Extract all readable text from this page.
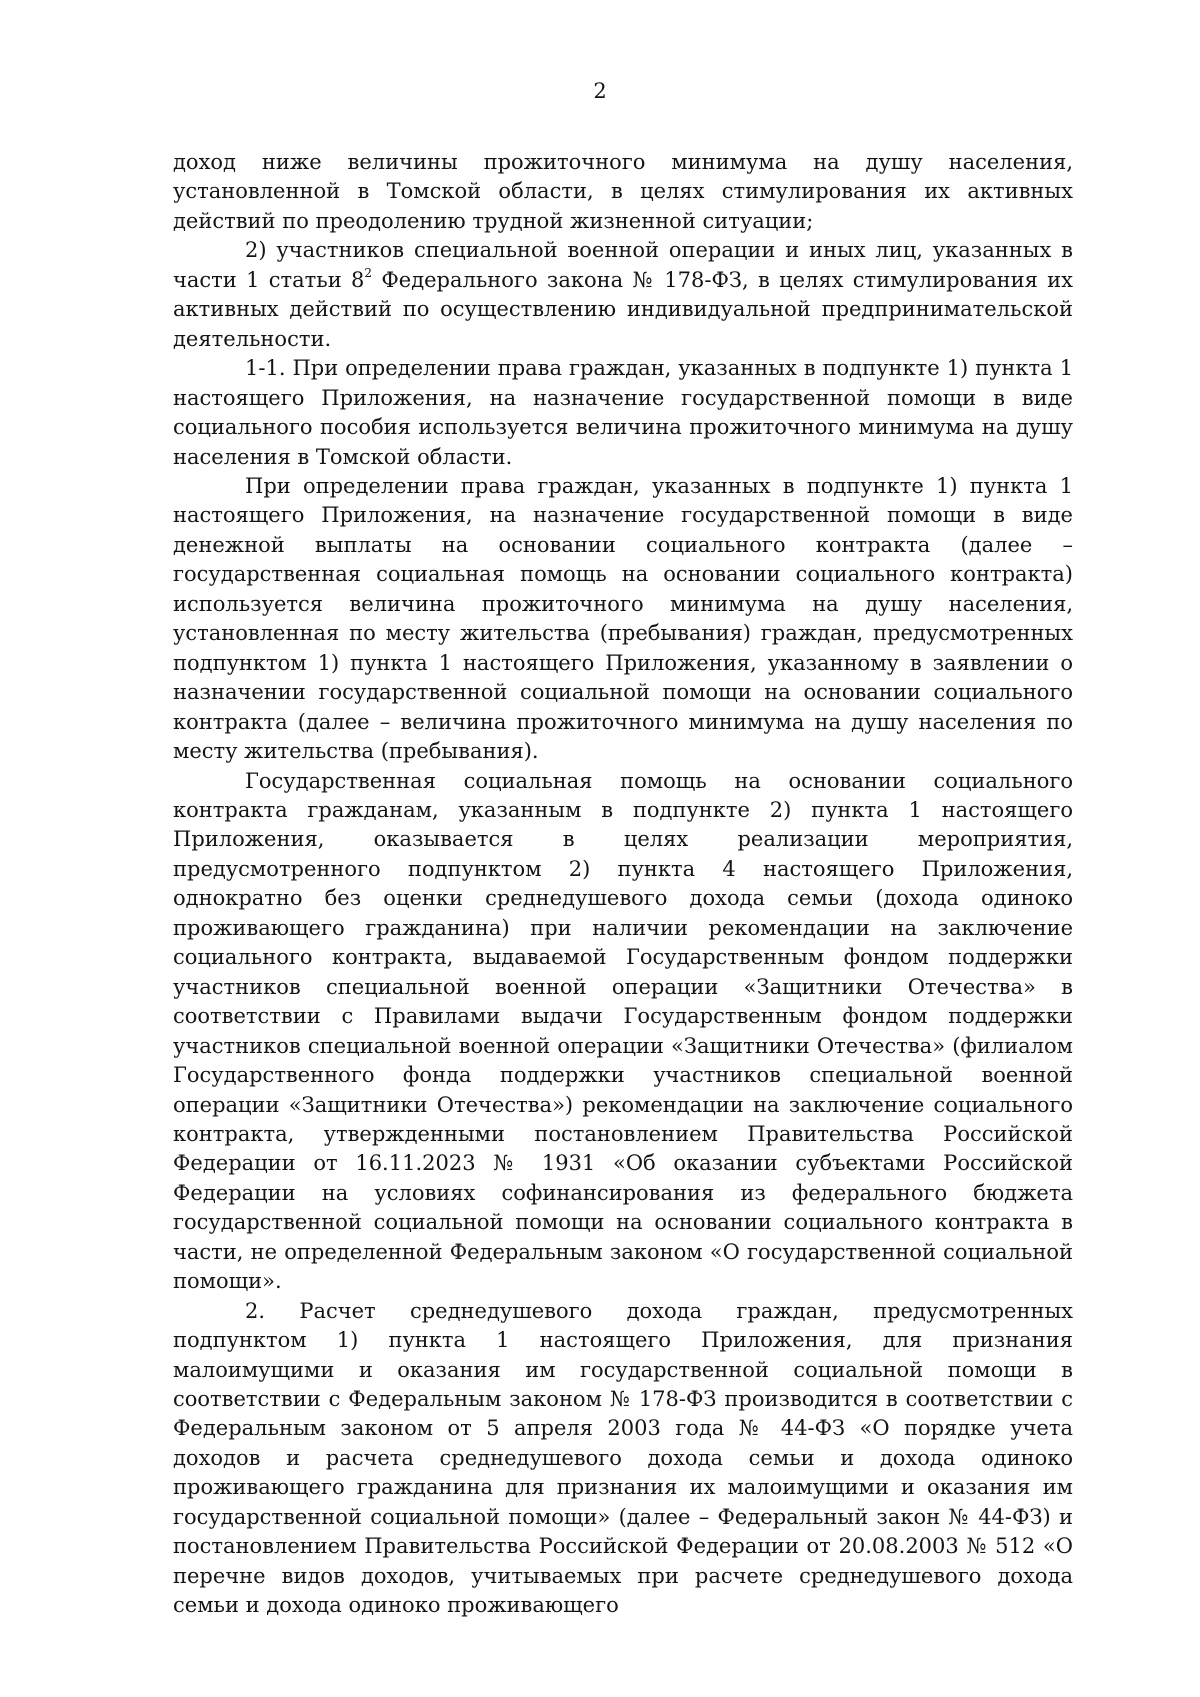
2

доход ниже величины прожиточного минимума на душу населения, установленной в Томской области, в целях стимулирования их активных действий по преодолению трудной жизненной ситуации;

2) участников специальной военной операции и иных лиц, указанных в части 1 статьи $8^2$ Федерального закона № 178-ФЗ, в целях стимулирования их активных действий по осуществлению индивидуальной предпринимательской деятельности.

1-1. При определении права граждан, указанных в подпункте 1) пункта 1 настоящего Приложения, на назначение государственной помощи в виде социального пособия используется величина прожиточного минимума на душу населения в Томской области.

При определении права граждан, указанных в подпункте 1) пункта 1 настоящего Приложения, на назначение государственной помощи в виде денежной выплаты на основании социального контракта (далее – государственная социальная помощь на основании социального контракта) используется величина прожиточного минимума на душу населения, установленная по месту жительства (пребывания) граждан, предусмотренных подпунктом 1) пункта 1 настоящего Приложения, указанному в заявлении о назначении государственной социальной помощи на основании социального контракта (далее – величина прожиточного минимума на душу населения по месту жительства (пребывания).

Государственная социальная помощь на основании социального контракта гражданам, указанным в подпункте 2) пункта 1 настоящего Приложения, оказывается в целях реализации мероприятия, предусмотренного подпунктом 2) пункта 4 настоящего Приложения, однократно без оценки среднедушевого дохода семьи (дохода одиноко проживающего гражданина) при наличии рекомендации на заключение социального контракта, выдаваемой Государственным фондом поддержки участников специальной военной операции «Защитники Отечества» в соответствии с Правилами выдачи Государственным фондом поддержки участников специальной военной операции «Защитники Отечества» (филиалом Государственного фонда поддержки участников специальной военной операции «Защитники Отечества») рекомендации на заключение социального контракта, утвержденными постановлением Правительства Российской Федерации от 16.11.2023 № 1931 «Об оказании субъектами Российской Федерации на условиях софинансирования из федерального бюджета государственной социальной помощи на основании социального контракта в части, не определенной Федеральным законом «О государственной социальной помощи».

2. Расчет среднедушевого дохода граждан, предусмотренных подпунктом 1) пункта 1 настоящего Приложения, для признания малоимущими и оказания им государственной социальной помощи в соответствии с Федеральным законом № 178-ФЗ производится в соответствии с Федеральным законом от 5 апреля 2003 года № 44-ФЗ «О порядке учета доходов и расчета среднедушевого дохода семьи и дохода одиноко проживающего гражданина для признания их малоимущими и оказания им государственной социальной помощи» (далее – Федеральный закон № 44-ФЗ) и постановлением Правительства Российской Федерации от 20.08.2003 № 512 «О перечне видов доходов, учитываемых при расчете среднедушевого дохода семьи и дохода одиноко проживающего
